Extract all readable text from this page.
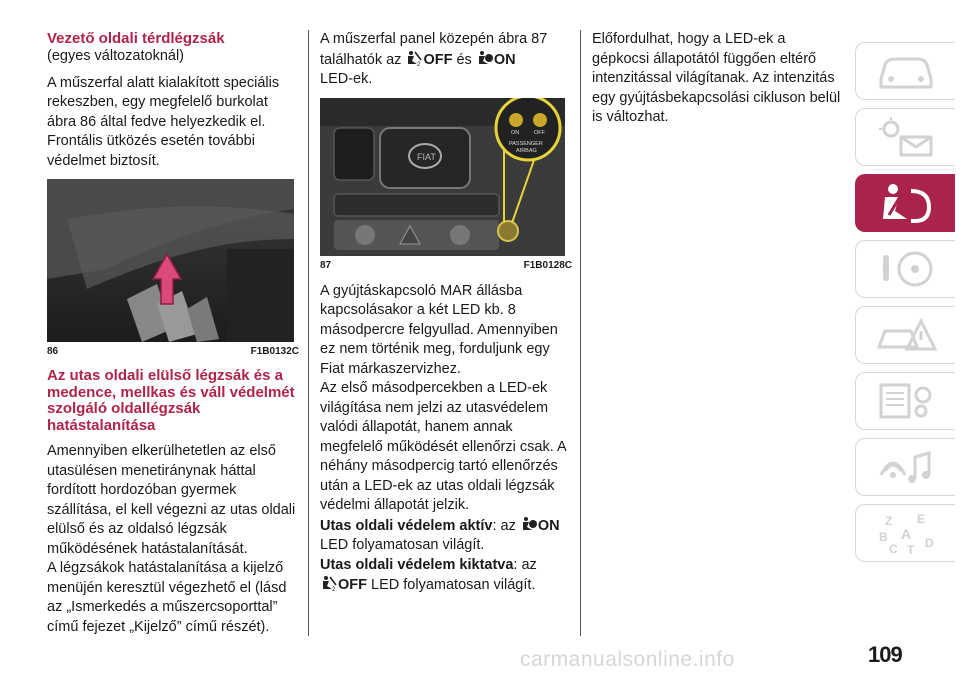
Vezető oldali térdlégzsák
(egyes változatoknál)

A műszerfal alatt kialakított speciális rekeszben, egy megfelelő burkolat ábra 86 által fedve helyezkedik el. Frontális ütközés esetén további védelmet biztosít.

86	F1B0132C
Az utas oldali elülső légzsák és a medence, mellkas és váll védelmét szolgáló oldallégzsák hatástalanítása

Amennyiben elkerülhetetlen az első utasülésen menetiránynak háttal fordított hordozóban gyermek szállítása, el kell végezni az utas oldali elülső és az oldalsó légzsák működésének hatástalanítását.

A légzsákok hatástalanítása a kijelző menüjén keresztül végezhető el (lásd az „Ismerkedés a műszercsoporttal” című fejezet „Kijelző” című részét).

A műszerfal panel közepén ábra 87 találhatók az	2 OFF és ON
LED-ek.

FIAT
ON	OFF
PASSENGER
AIRBAG
87	F1B0128C

A gyújtáskapcsoló MAR állásba kapcsolásakor a két LED kb. 8 másodpercre felgyullad. Amennyiben ez nem történik meg, forduljunk egy Fiat márkaszervizhez.

Az első másodpercekben a LED-ek világítása nem jelzi az utasvédelem valódi állapotát, hanem annak megfelelő működését ellenőrzi csak. A néhány másodpercig tartó ellenőrzés után a LED-ek az utas oldali légzsák védelmi állapotát jelzik.

Utas oldali védelem aktív: az ON
LED folyamatosan világít.
Utas oldali védelem kiktatva: az

2 OFF LED folyamatosan világít.

Előfordulhat, hogy a LED-ek a gépkocsi állapotától függően eltérő intenzitással világítanak. Az intenzitás egy gyújtásbekapcsolási cikluson belül is változhat.

Z E
B A
C T D
carmanualsonline.info	109
